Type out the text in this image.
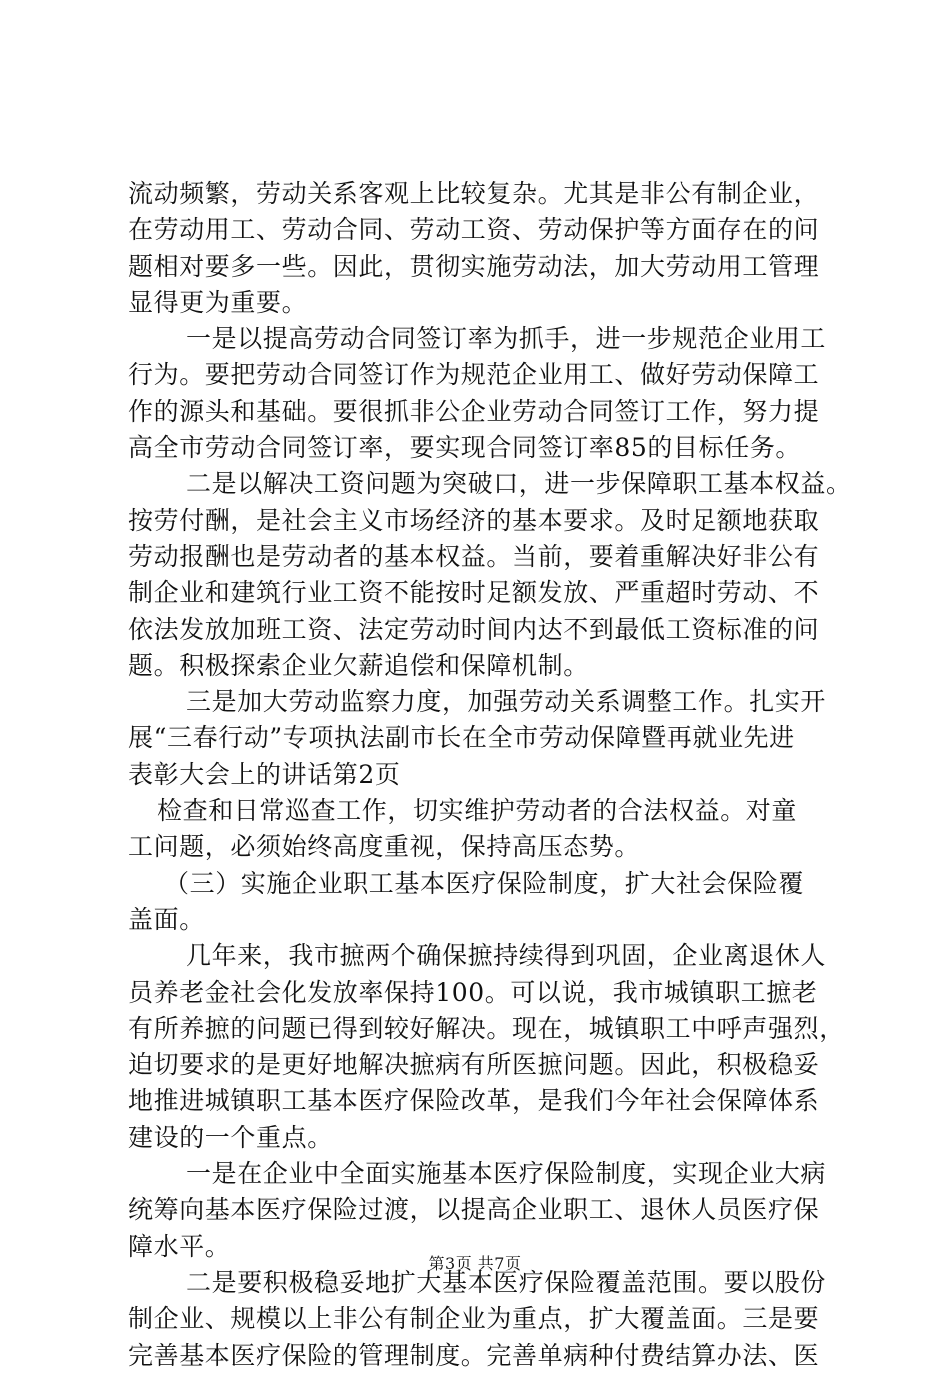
流动频繁，劳动关系客观上比较复杂。尤其是非公有制企业，
在劳动用工、劳动合同、劳动工资、劳动保护等方面存在的问
题相对要多一些。因此，贯彻实施劳动法，加大劳动用工管理
显得更为重要。
一是以提高劳动合同签订率为抓手，进一步规范企业用工
行为。要把劳动合同签订作为规范企业用工、做好劳动保障工
作的源头和基础。要很抓非公企业劳动合同签订工作，努力提
高全市劳动合同签订率，要实现合同签订率85的目标任务。
二是以解决工资问题为突破口，进一步保障职工基本权益。
按劳付酬，是社会主义市场经济的基本要求。及时足额地获取
劳动报酬也是劳动者的基本权益。当前，要着重解决好非公有
制企业和建筑行业工资不能按时足额发放、严重超时劳动、不
依法发放加班工资、法定劳动时间内达不到最低工资标准的问
题。积极探索企业欠薪追偿和保障机制。
三是加大劳动监察力度，加强劳动关系调整工作。扎实开
展“三春行动”专项执法副市长在全市劳动保障暨再就业先进
表彰大会上的讲话第2页
检查和日常巡查工作，切实维护劳动者的合法权益。对童
工问题，必须始终高度重视，保持高压态势。
（三）实施企业职工基本医疗保险制度，扩大社会保险覆
盖面。
几年来，我市摭两个确保摭持续得到巩固，企业离退休人
员养老金社会化发放率保持100。可以说，我市城镇职工摭老
有所养摭的问题已得到较好解决。现在，城镇职工中呼声强烈，
迫切要求的是更好地解决摭病有所医摭问题。因此，积极稳妥
地推进城镇职工基本医疗保险改革，是我们今年社会保障体系
建设的一个重点。
一是在企业中全面实施基本医疗保险制度，实现企业大病
统筹向基本医疗保险过渡，以提高企业职工、退休人员医疗保
障水平。
二是要积极稳妥地扩大基本医疗保险覆盖范围。要以股份
制企业、规模以上非公有制企业为重点，扩大覆盖面。三是要
完善基本医疗保险的管理制度。完善单病种付费结算办法、医
第3页 共7页
